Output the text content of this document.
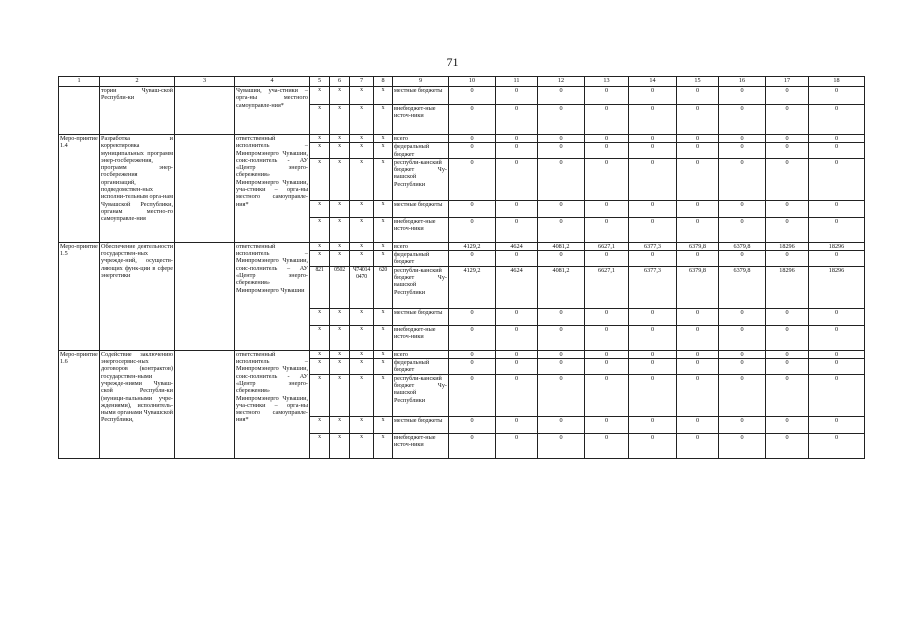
71
1	2	3	4	5	6	7	8	9	10	11	12	13	14	15	16	17	18
	тории Чуваш-ской Республи-ки		Чувашии, уча-стники – орга-ны местного самоуправле-ния*	x	x	x	x	местные бюджеты	0	0	0	0	0	0	0	0	0
				x	x	x	x	внебюджет-ные источ-ники	0	0	0	0	0	0	0	0	0
Меро-приятие 1.4	Разработка и корректировка муниципальных программ энер-госбережения, программ энер-госбережения организаций, подведомствен-ных исполни-тельным орга-нам Чувашской Республики, органам местно-го самоуправле-ния		ответственный исполнитель – Минпромэнерго Чувашии, соис-полнитель - АУ «Центр энерго-сбережения» Минпромэнерго Чувашии, уча-стники – орга-ны местного самоуправле-ния*	x	x	x	x	всего	0	0	0	0	0	0	0	0	0
				x	x	x	x	федеральный бюджет	0	0	0	0	0	0	0	0	0
				x	x	x	x	республи-канский бюджет Чу-вашской Республики	0	0	0	0	0	0	0	0	0
				x	x	x	x	местные бюджеты	0	0	0	0	0	0	0	0	0
				x	x	x	x	внебюджет-ные источ-ники	0	0	0	0	0	0	0	0	0
Меро-приятие 1.5	Обеспечение деятельности государствен-ных учрежде-ний, осуществ-ляющих функ-ции в сфере энергетики		ответственный исполнитель – Минпромэнерго Чувашии, соис-полнитель – АУ «Центр энерго-сбережения» Минпромэнерго Чувашии	x	x	x	x	всего	4129,2	4624	4081,2	6627,1	6377,3	6379,8	6379,8	18296	18296
				x	x	x	x	федеральный бюджет	0	0	0	0	0	0	0	0	0
				821	0502	Ч74014 0470	620	республи-канский бюджет Чу-вашской Республики	4129,2	4624	4081,2	6627,1	6377,3	6379,8	6379,8	18296	18296
				x	x	x	x	местные бюджеты	0	0	0	0	0	0	0	0	0
				x	x	x	x	внебюджет-ные источ-ники	0	0	0	0	0	0	0	0	0
Меро-приятие 1.6	Содействие заключению энергосервис-ных договоров (контрактов) государствен-ными учрежде-ниями Чуваш-ской Республи-ки (муници-пальными учре-ждениями), исполнитель-ными органами Чувашской Республики,		ответственный исполнитель – Минпромэнерго Чувашии, соис-полнитель - АУ «Центр энерго-сбережения» Минпромэнерго Чувашии, уча-стники – орга-ны местного самоуправле-ния*	x	x	x	x	всего	0	0	0	0	0	0	0	0	0
				x	x	x	x	федеральный бюджет	0	0	0	0	0	0	0	0	0
				x	x	x	x	республи-канский бюджет Чу-вашской Республики	0	0	0	0	0	0	0	0	0
				x	x	x	x	местные бюджеты	0	0	0	0	0	0	0	0	0
				x	x	x	x	внебюджет-ные источ-ники	0	0	0	0	0	0	0	0	0
